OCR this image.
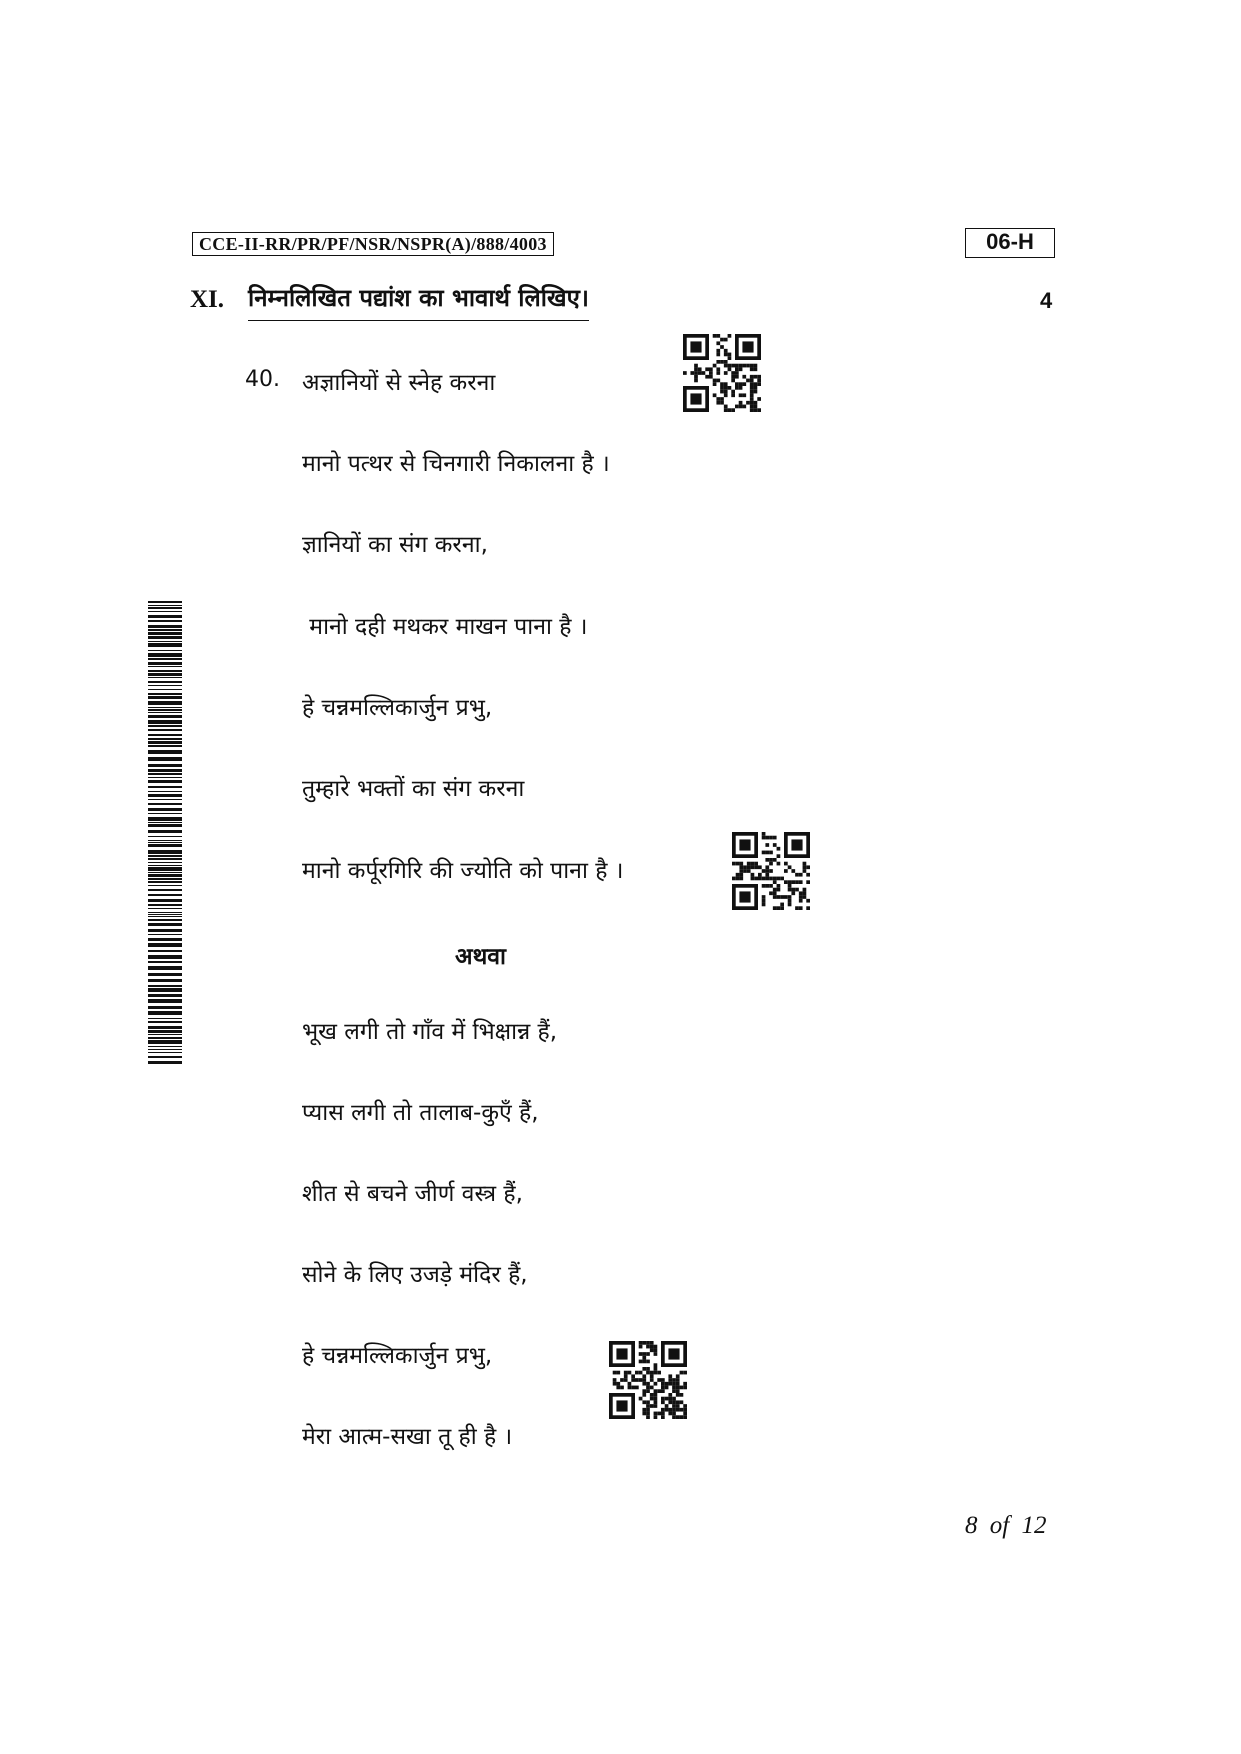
CCE-II-RR/PR/PF/NSR/NSPR(A)/888/4003	06-H
XI. निम्नलिखित पद्यांश का भावार्थ लिखिए।	4
40. अज्ञानियों से स्नेह करना
मानो पत्थर से चिनगारी निकालना है ।
ज्ञानियों का संग करना,
मानो दही मथकर माखन पाना है ।
हे चन्नमल्लिकार्जुन प्रभु,
तुम्हारे भक्तों का संग करना
मानो कर्पूरगिरि की ज्योति को पाना है ।
अथवा
भूख लगी तो गाँव में भिक्षान्न हैं,
प्यास लगी तो तालाब-कुएँ हैं,
शीत से बचने जीर्ण वस्त्र हैं,
सोने के लिए उजड़े मंदिर हैं,
हे चन्नमल्लिकार्जुन प्रभु,
मेरा आत्म-सखा तू ही है ।
8 of 12
